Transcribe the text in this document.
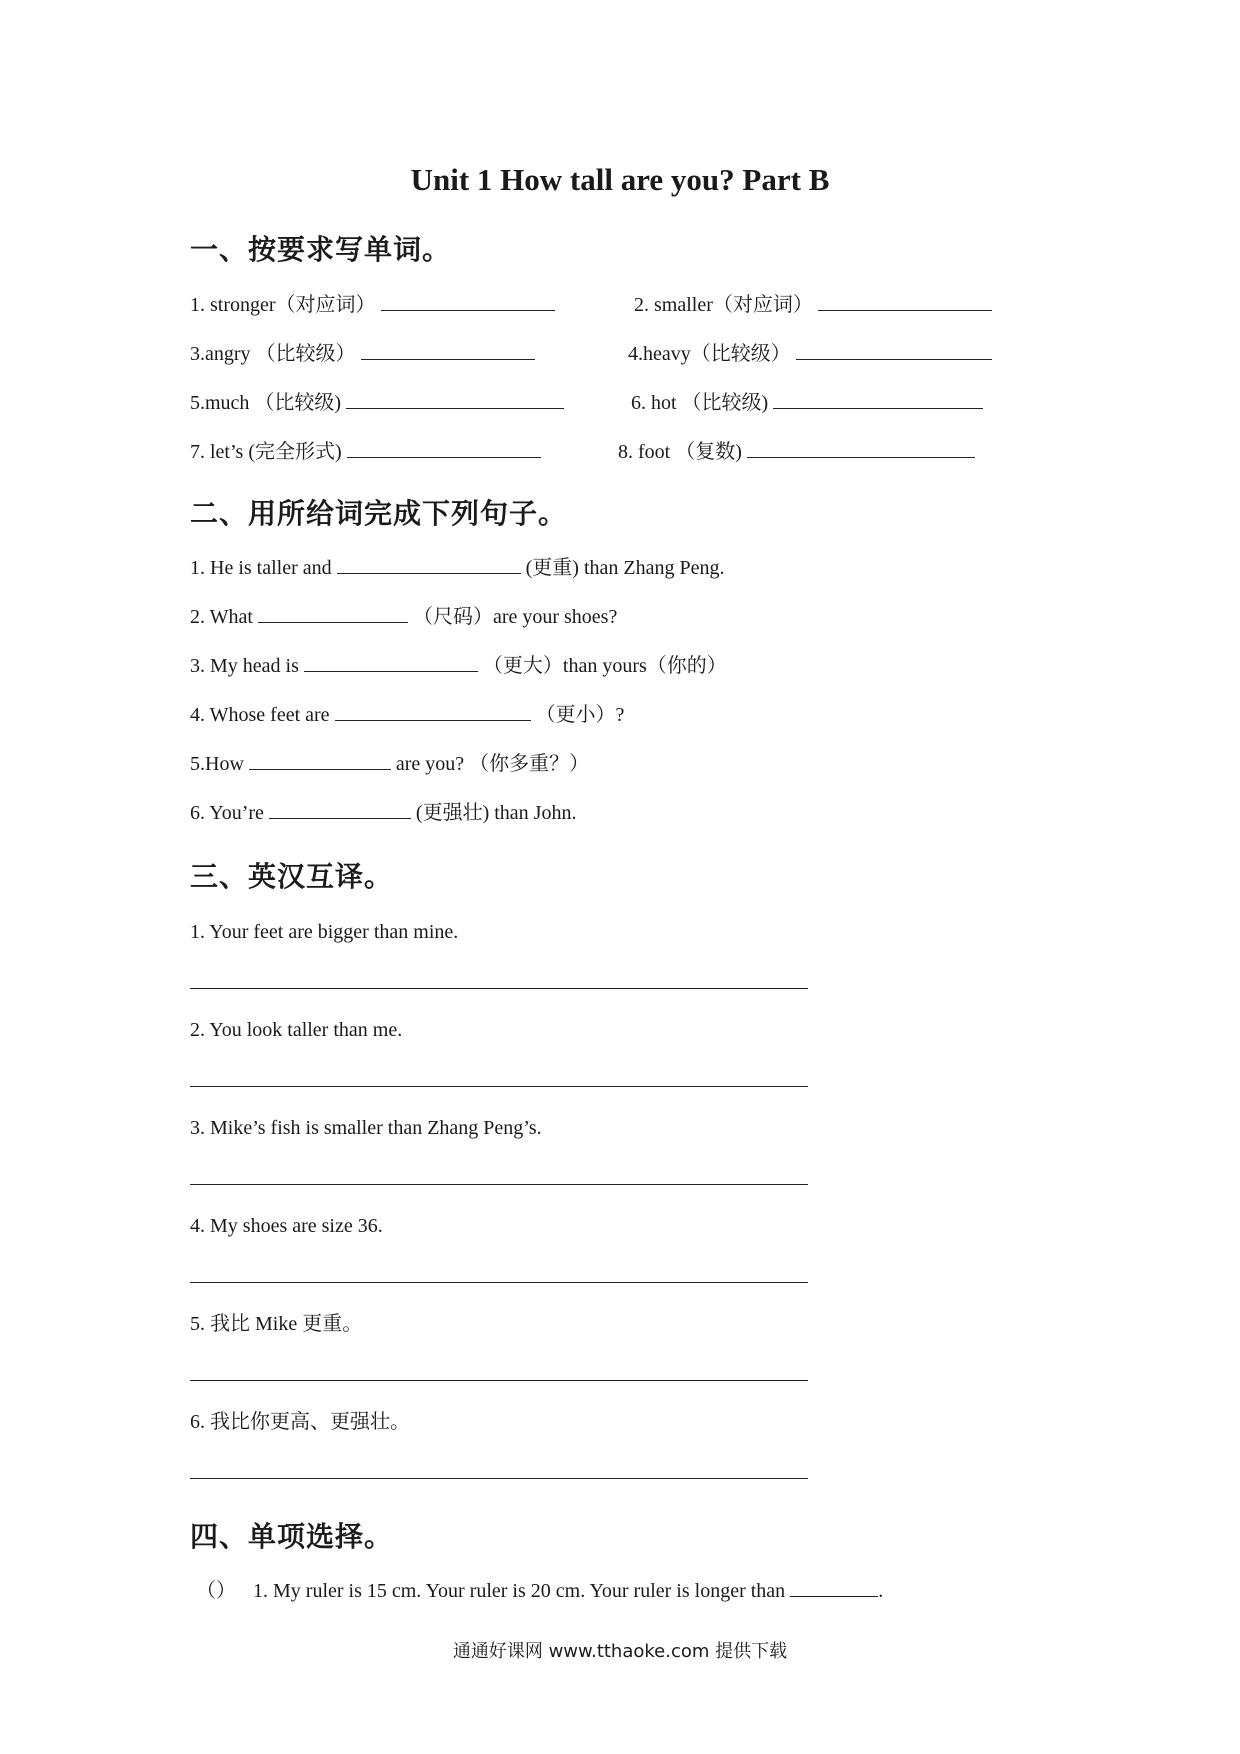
Unit 1 How tall are you? Part B
一、按要求写单词。
1. stronger（对应词）	2. smaller（对应词）
3.angry （比较级）	4.heavy（比较级）
5.much （比较级)	6. hot （比较级)
7. let’s (完全形式)	8. foot （复数)
二、用所给词完成下列句子。
1. He is taller and	(更重) than Zhang Peng.
2. What	（尺码）are your shoes?
3. My head is	（更大）than yours（你的）
4. Whose feet are	（更小）?
5.How	are you? （你多重？）
6. You’re	(更强壮) than John.
三、英汉互译。
1. Your feet are bigger than mine.
2. You look taller than me.
3. Mike’s fish is smaller than Zhang Peng’s.
4. My shoes are size 36.
5. 我比 Mike 更重。
6. 我比你更高、更强壮。
四、单项选择。
（） 1. My ruler is 15 cm. Your ruler is 20 cm. Your ruler is longer than	.
通通好课网 www.tthaoke.com 提供下载
